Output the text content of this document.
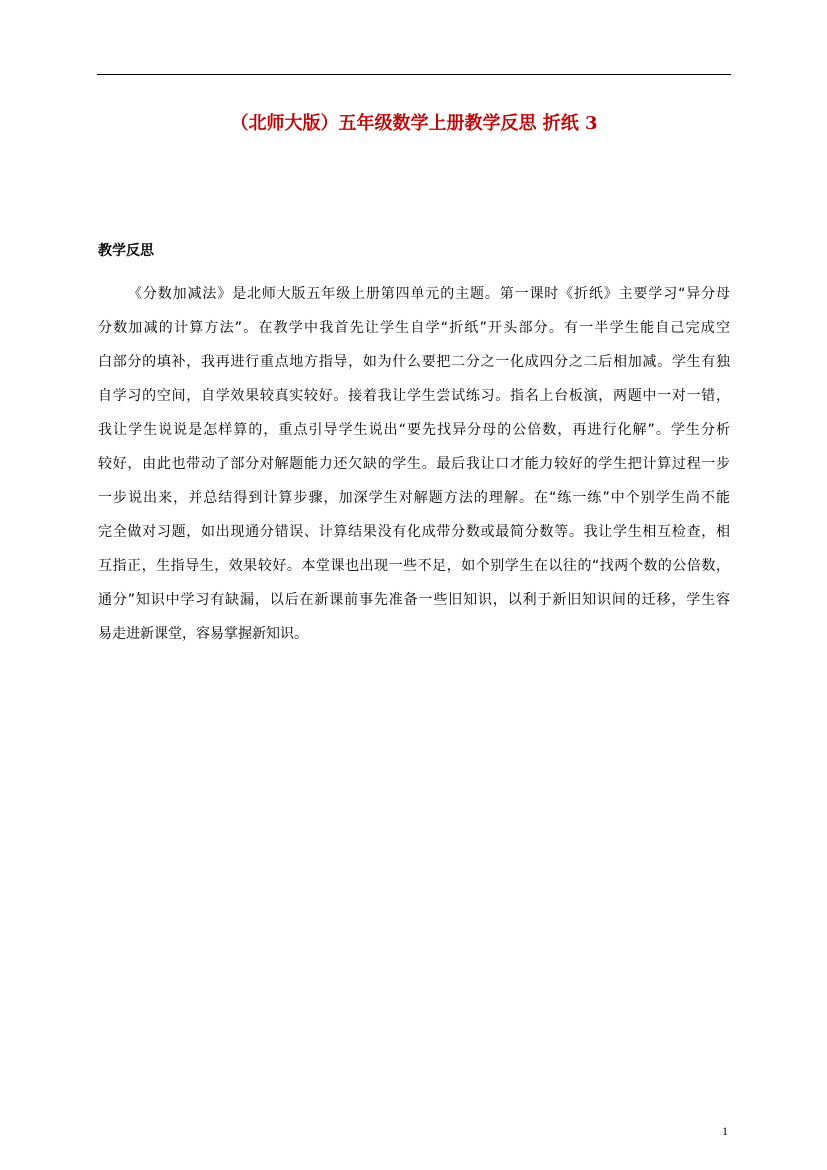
（北师大版）五年级数学上册教学反思 折纸 3
教学反思
《分数加减法》是北师大版五年级上册第四单元的主题。第一课时《折纸》主要学习“异分母
分数加减的计算方法”。在教学中我首先让学生自学“折纸”开头部分。有一半学生能自己完成空
白部分的填补，我再进行重点地方指导，如为什么要把二分之一化成四分之二后相加减。学生有独
自学习的空间，自学效果较真实较好。接着我让学生尝试练习。指名上台板演，两题中一对一错，
我让学生说说是怎样算的，重点引导学生说出“要先找异分母的公倍数，再进行化解”。学生分析
较好，由此也带动了部分对解题能力还欠缺的学生。最后我让口才能力较好的学生把计算过程一步
一步说出来，并总结得到计算步骤，加深学生对解题方法的理解。在“练一练”中个别学生尚不能
完全做对习题，如出现通分错误、计算结果没有化成带分数或最简分数等。我让学生相互检查，相
互指正，生指导生，效果较好。本堂课也出现一些不足，如个别学生在以往的“找两个数的公倍数，
通分”知识中学习有缺漏，以后在新课前事先准备一些旧知识，以利于新旧知识间的迁移，学生容
易走进新课堂，容易掌握新知识。
1
